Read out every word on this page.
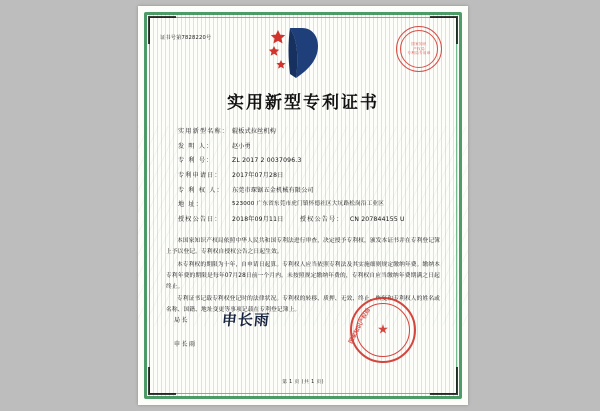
证书号第7828220号
国家知识
产权局
专利局专用章
实用新型专利证书
实用新型名称： 辊板式拉丝机构
发 明 人：	赵小勇
专 利 号：	ZL 2017 2 0037096.3
专利申请日：	2017年07月28日
专 利 权 人：	东莞市琛锯五金机械有限公司
地 址：	523000 广东省东莞市虎门镇怀德社区大坑路松岗沿工业区
授权公告日：	2018年09月11日	授权公告号：	CN 207844155 U

本国家知识产权局依照中华人民共和国专利法进行审查，决定授予专利权，颁发本证书并在专利登记簿上予以登记。专利权自授权公告之日起生效。

本专利权的期限为十年，自申请日起算。专利权人应当依照专利法及其实施细则规定缴纳年费。缴纳本专利年费的期限是每年07月28日前一个月内。未按照规定缴纳年费的，专利权自应当缴纳年费期满之日起终止。

专利证书记载专利权登记时的法律状况。专利权的转移、质押、无效、终止、恢复和专利权人的姓名或名称、国籍、地址变更等事项记载在专利登记簿上。

局长	申长雨
申长雨
★
国家知识产权局
第 1 页 (共 1 页)
